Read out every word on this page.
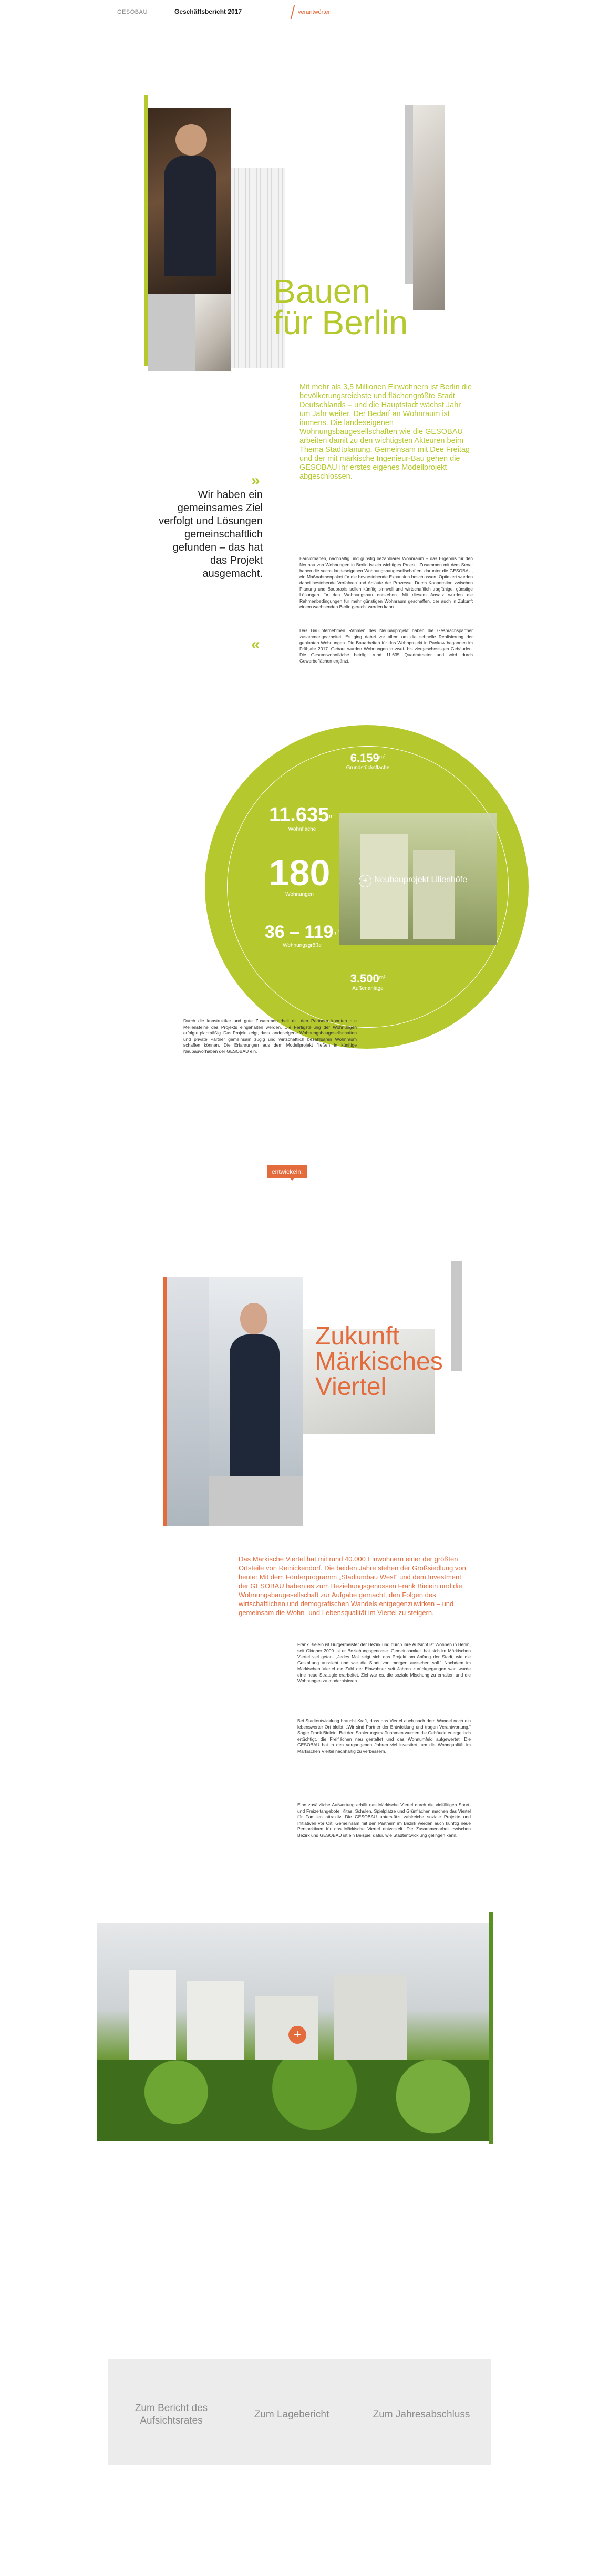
GESOBAU	Geschäftsbericht 2017	verantwörten
Bauen
für Berlin

Mit mehr als 3,5 Millionen Einwohnern ist Berlin die bevölkerungsreichste und flächengrößte Stadt Deutschlands – und die Hauptstadt wächst Jahr um Jahr weiter. Der Bedarf an Wohnraum ist immens. Die landeseigenen Wohnungsbaugesellschaften wie die GESOBAU arbeiten damit zu den wichtigsten Akteuren beim Thema Stadtplanung. Gemeinsam mit Dee Freitag und der mit märkische Ingenieur-Bau gehen die GESOBAU ihr erstes eigenes Modellprojekt abgeschlossen.

»
Wir haben ein gemeinsames Ziel verfolgt und Lösungen gemeinschaftlich gefunden – das hat das Projekt ausgemacht.
«

Bauvorhaben, nachhaltig und günstig bezahlbarer Wohnraum – das Ergebnis für den Neubau von Wohnungen in Berlin ist ein wichtiges Projekt. Zusammen mit dem Senat haben die sechs landeseigenen Wohnungsbaugesellschaften, darunter die GESOBAU, ein Maßnahmenpaket für die bevorstehende Expansion beschlossen. Optimiert wurden dabei bestehende Verfahren und Abläufe der Prozesse. Durch Kooperation zwischen Planung und Baupraxis sollen künftig sinnvoll und wirtschaftlich tragfähige, günstige Lösungen für den Wohnungsbau entstehen. Mit diesem Ansatz wurden die Rahmenbedingungen für mehr günstigen Wohnraum geschaffen, der auch in Zukunft einem wachsenden Berlin gerecht werden kann.

Das Bauunternehmen Rahmen des Neubauprojekt haben die Gesprächspartner zusammengearbeitet. Es ging dabei vor allem um die schnelle Realisierung der geplanten Wohnungen. Die Bauarbeiten für das Wohnprojekt in Pankow begannen im Frühjahr 2017. Gebaut wurden Wohnungen in zwei- bis viergeschossigen Gebäuden. Die Gesamtwohnfläche beträgt rund 11.635 Quadratmeter und wird durch Gewerbeflächen ergänzt.

$6.159^{m^2}$
Grundstücksfläche
$11.635^{m^2}$
Wohnfläche
180
Wohnungen
$36 - 119^{m^2}$
Wohnungsgröße
$3.500^{m^2}$
Außenanlage
+ Neubauprojekt Lilienhöfe

Durch die konstruktive und gute Zusammenarbeit mit den Partnern konnten alle Meilensteine des Projekts eingehalten werden. Die Fertigstellung der Wohnungen erfolgte planmäßig. Das Projekt zeigt, dass landeseigene Wohnungsbaugesellschaften und private Partner gemeinsam zügig und wirtschaftlich bezahlbaren Wohnraum schaffen können. Die Erfahrungen aus dem Modellprojekt fließen in künftige Neubauvorhaben der GESOBAU ein.

entwickeln.
Zukunft
Märkisches
Viertel

Das Märkische Viertel hat mit rund 40.000 Einwohnern einer der größten Ortsteile von Reinickendorf. Die beiden Jahre stehen der Großsiedlung von heute: Mit dem Förderprogramm „Stadtumbau West“ und dem Investment der GESOBAU haben es zum Beziehungsgenossen Frank Bielein und die Wohnungsbaugesellschaft zur Aufgabe gemacht, den Folgen des wirtschaftlichen und demografischen Wandels entgegenzuwirken – und gemeinsam die Wohn- und Lebensqualität im Viertel zu steigern.

Frank Bielein ist Bürgermeister der Bezirk und durch ihre Aufsicht ist Wohnen in Berlin, seit Oktober 2009 ist er Beziehungsgenosse. Gemeinsamkeit hat sich im Märkischen Viertel viel getan. „Jedes Mal zeigt sich das Projekt am Anfang der Stadt, wie die Gestaltung aussieht und wie die Stadt von morgen aussehen soll.“ Nachdem im Märkischen Viertel die Zahl der Einwohner seit Jahren zurückgegangen war, wurde eine neue Strategie erarbeitet. Ziel war es, die soziale Mischung zu erhalten und die Wohnungen zu modernisieren.

Bei Stadtentwicklung braucht Kraft, dass das Viertel auch nach dem Wandel noch ein lebenswerter Ort bleibt. „Wir sind Partner der Entwicklung und tragen Verantwortung.“ Sagte Frank Bielein. Bei den Sanierungsmaßnahmen wurden die Gebäude energetisch ertüchtigt, die Freiflächen neu gestaltet und das Wohnumfeld aufgewertet. Die GESOBAU hat in den vergangenen Jahren viel investiert, um die Wohnqualität im Märkischen Viertel nachhaltig zu verbessern.

Eine zusätzliche Aufwertung erhält das Märkische Viertel durch die vielfältigen Sport- und Freizeitangebote. Kitas, Schulen, Spielplätze und Grünflächen machen das Viertel für Familien attraktiv. Die GESOBAU unterstützt zahlreiche soziale Projekte und Initiativen vor Ort. Gemeinsam mit den Partnern im Bezirk werden auch künftig neue Perspektiven für das Märkische Viertel entwickelt. Die Zusammenarbeit zwischen Bezirk und GESOBAU ist ein Beispiel dafür, wie Stadtentwicklung gelingen kann.

+
Zum Bericht des Aufsichtsrates
Zum Lagebericht	Zum Jahresabschluss
